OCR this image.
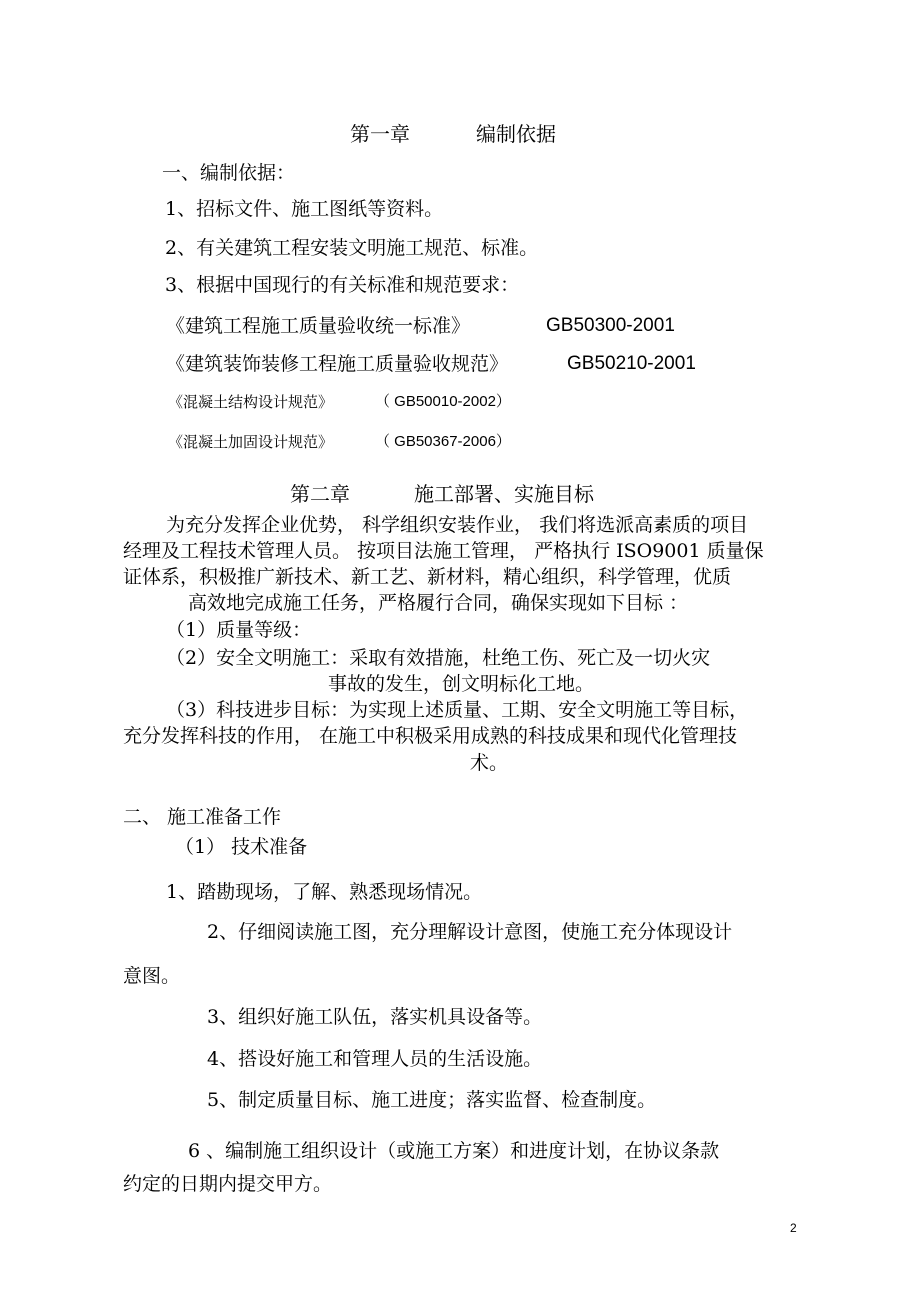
第一章	编制依据
一、编制依据：
1、招标文件、施工图纸等资料。
2、有关建筑工程安装文明施工规范、标准。
3、根据中国现行的有关标准和规范要求：
《建筑工程施工质量验收统一标准》	GB50300-2001
《建筑装饰装修工程施工质量验收规范》	GB50210-2001
《混凝土结构设计规范》	（ GB50010-2002）
《混凝土加固设计规范》	（ GB50367-2006）
第二章	施工部署、实施目标
为充分发挥企业优势， 科学组织安装作业， 我们将选派高素质的项目
经理及工程技术管理人员。 按项目法施工管理， 严格执行 ISO9001 质量保
证体系，积极推广新技术、新工艺、新材料，精心组织，科学管理，优质
高效地完成施工任务，严格履行合同，确保实现如下目标 ：
（1）质量等级：
（2）安全文明施工：采取有效措施，杜绝工伤、死亡及一切火灾
事故的发生，创文明标化工地。
（3）科技进步目标：为实现上述质量、工期、安全文明施工等目标，
充分发挥科技的作用， 在施工中积极采用成熟的科技成果和现代化管理技
术。
二、 施工准备工作
（1） 技术准备
1、踏勘现场，了解、熟悉现场情况。
2、仔细阅读施工图，充分理解设计意图，使施工充分体现设计
意图。
3、组织好施工队伍，落实机具设备等。
4、搭设好施工和管理人员的生活设施。
5、制定质量目标、施工进度；落实监督、检查制度。
6 、编制施工组织设计（或施工方案）和进度计划，在协议条款
约定的日期内提交甲方。
2
